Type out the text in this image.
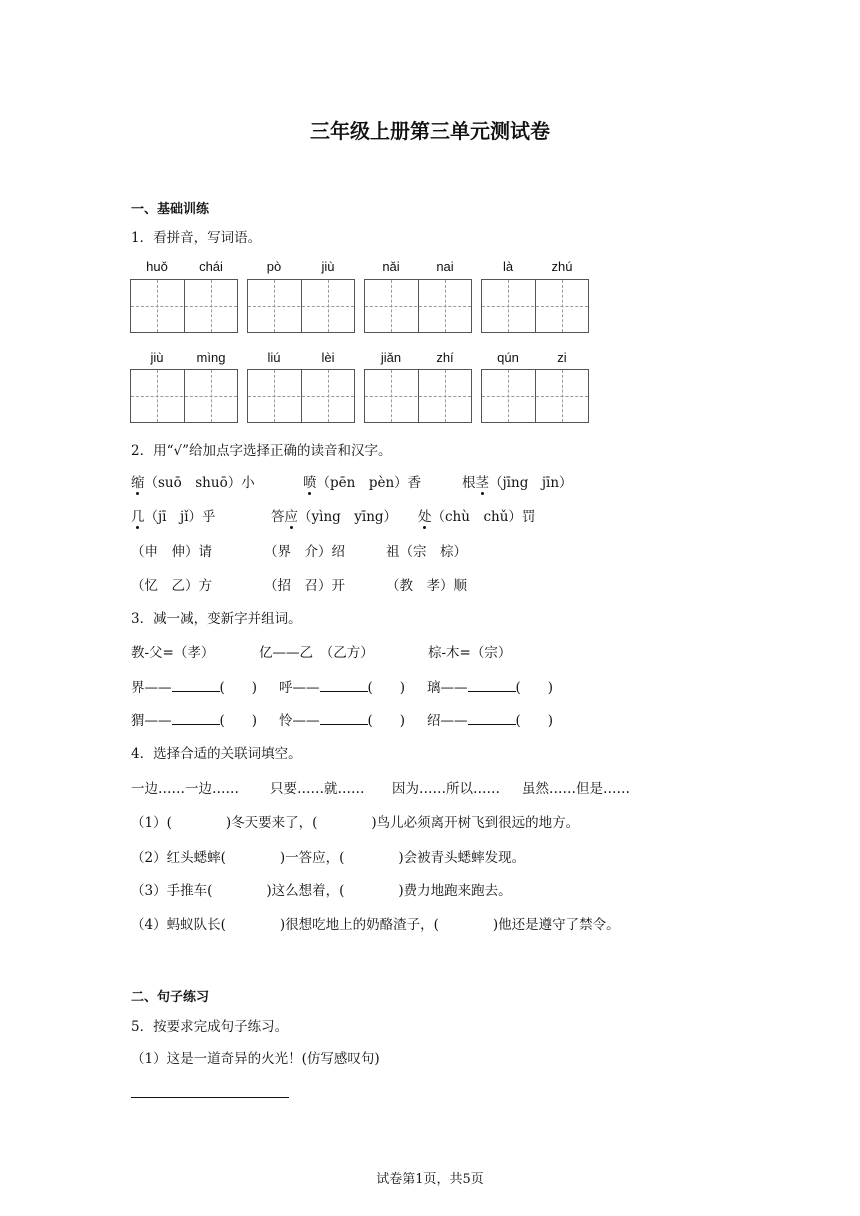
三年级上册第三单元测试卷
一、基础训练
1．看拼音，写词语。
huǒ	chái	pò	jiù	nǎi	nai	là	zhú
jiù	mìng	liú	lèi	jiǎn	zhí	qún	zi
2．用“√”给加点字选择正确的读音和汉字。
缩（suō　shuō）小	喷（pēn　pèn）香	根茎（jīng　jīn）
几（jī　jǐ）乎	答应（yìng　yīng） 处（chù　chǔ）罚
（申　伸）请	（界　介）绍	祖（宗　棕）
（忆　乙）方	（招　召）开	（教　孝）顺
3．减一减，变新字并组词。
教-父=（孝）	亿——乙　（乙方）	棕-木=（宗）
界——	(　　) 呼——	(　　) 璃——	(　　)
猬——	(　　) 怜——	(　　) 绍——	(　　)
4．选择合适的关联词填空。
一边……一边…… 只要……就…… 因为……所以…… 虽然……但是……
（1）(　　　　)冬天要来了，(　　　　)鸟儿必须离开树飞到很远的地方。
（2）红头蟋蟀(　　　　)一答应，(　　　　)会被青头蟋蟀发现。
（3）手推车(　　　　)这么想着，(　　　　)费力地跑来跑去。
（4）蚂蚁队长(　　　　)很想吃地上的奶酪渣子，(　　　　)他还是遵守了禁令。
二、句子练习
5．按要求完成句子练习。
（1）这是一道奇异的火光！(仿写感叹句)
试卷第1页，共5页
